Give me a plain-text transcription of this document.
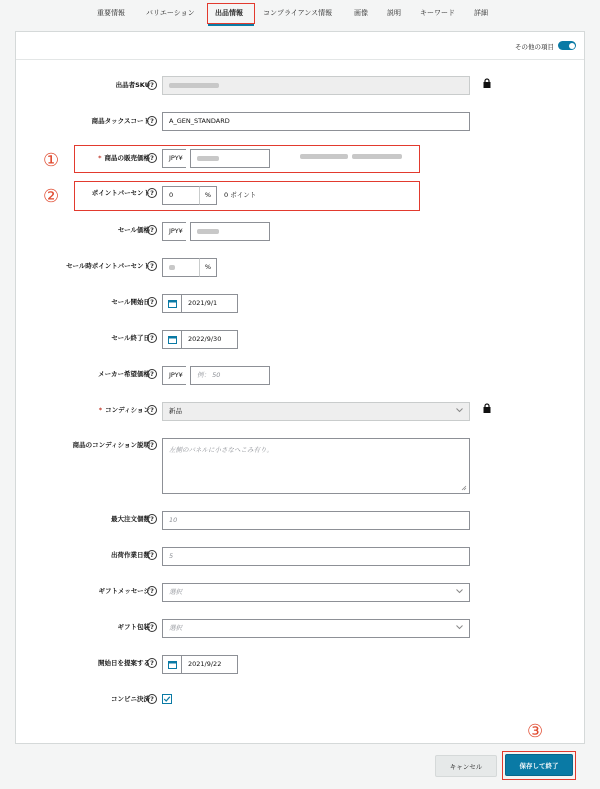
重要情報	バリエーション	出品情報	コンプライアンス情報	画像	説明	キーワード	詳細
その他の項目
出品者SKU ?
商品タックスコード ?	A_GEN_STANDARD
①	* 商品の販売価格 ?	JPY¥
②	ポイントパーセント ?	0	%	0 ポイント
セール価格 ?	JPY¥
セール時ポイントパーセント ?	%
セール開始日 ?	2021/9/1
セール終了日 ?	2022/9/30
メーカー希望価格 ?	JPY¥	例： 50
* コンディション ?	新品
商品のコンディション説明 ?
左側のパネルに小さなへこみ有り。
最大注文個数 ?	10
出荷作業日数 ?	5
ギフトメッセージ ?	選択
ギフト包装 ?	選択
開始日を提案する ?	2021/9/22
コンビニ決済 ?
キャンセル
③
保存して終了
